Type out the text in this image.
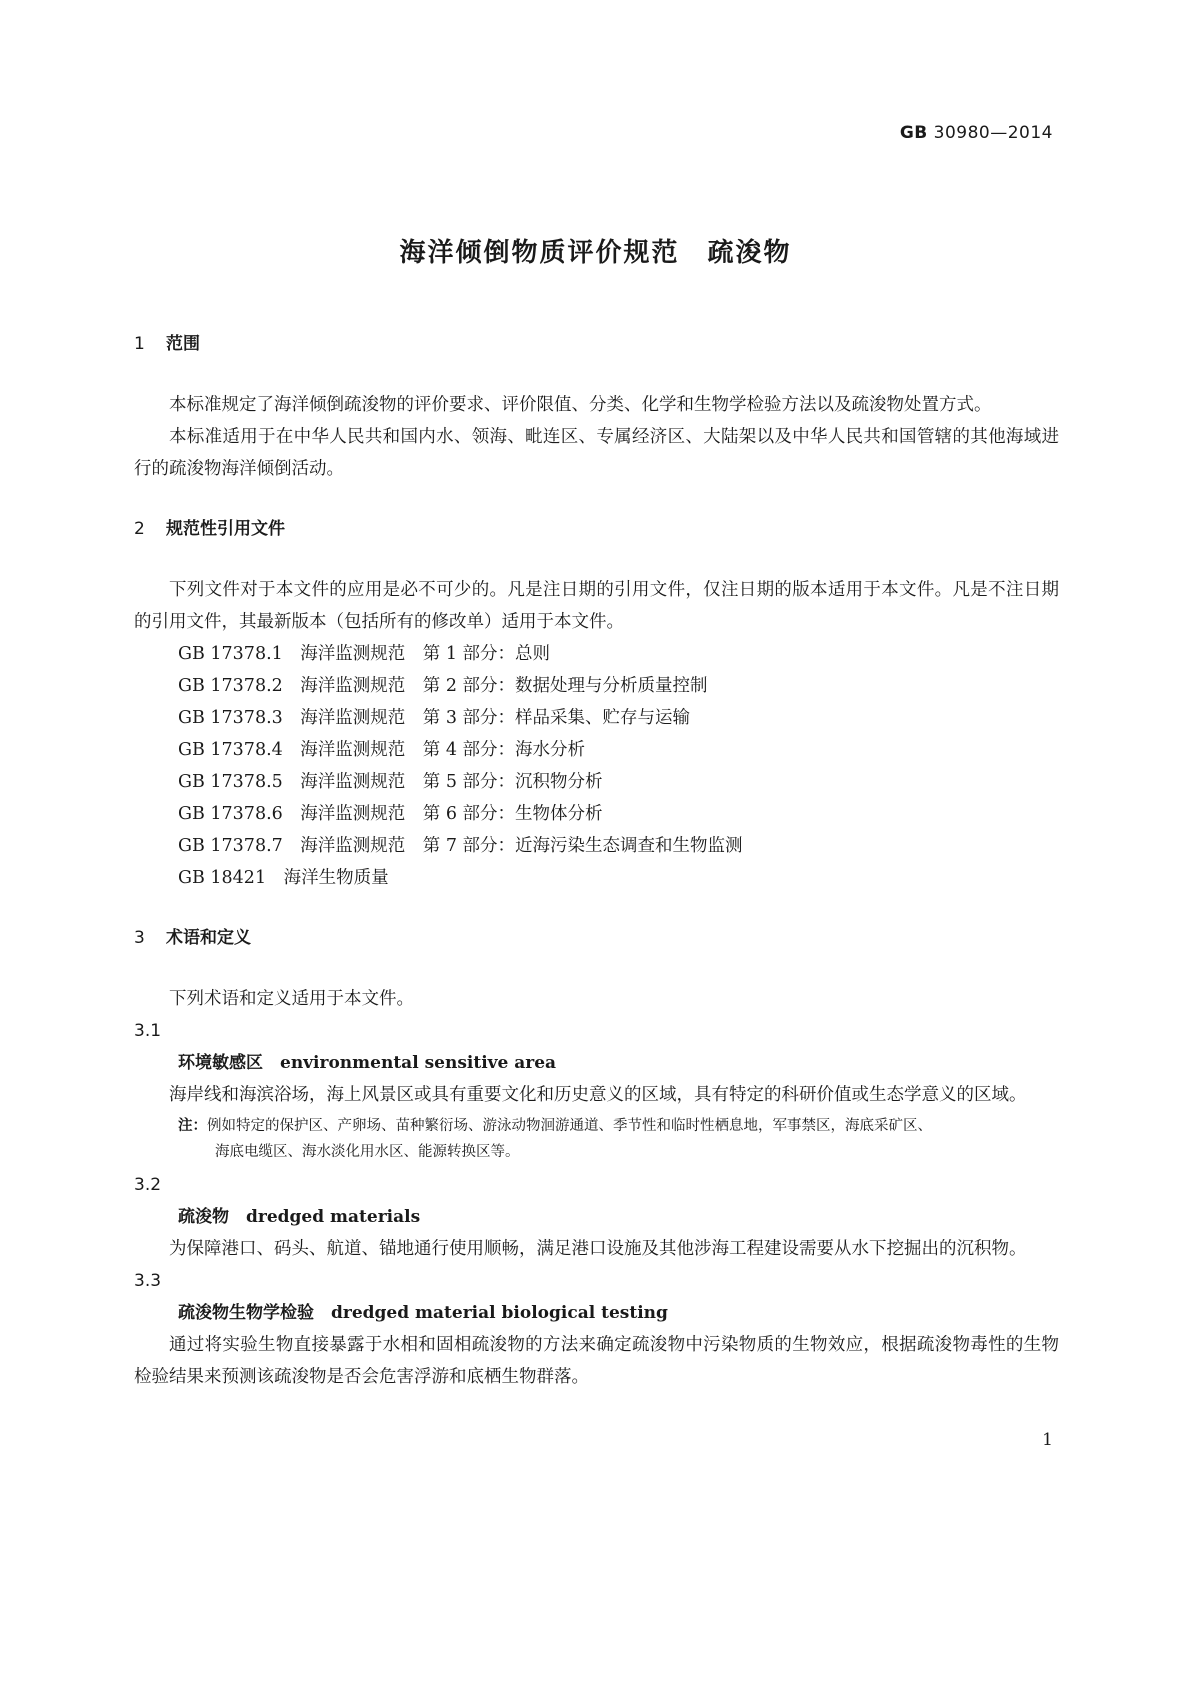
GB 30980—2014
海洋倾倒物质评价规范　疏浚物
1 范围

本标准规定了海洋倾倒疏浚物的评价要求、评价限值、分类、化学和生物学检验方法以及疏浚物处置方式。

本标准适用于在中华人民共和国内水、领海、毗连区、专属经济区、大陆架以及中华人民共和国管辖的其他海域进行的疏浚物海洋倾倒活动。

2 规范性引用文件

下列文件对于本文件的应用是必不可少的。凡是注日期的引用文件，仅注日期的版本适用于本文件。凡是不注日期的引用文件，其最新版本（包括所有的修改单）适用于本文件。

GB 17378.1　海洋监测规范　第 1 部分：总则
GB 17378.2　海洋监测规范　第 2 部分：数据处理与分析质量控制
GB 17378.3　海洋监测规范　第 3 部分：样品采集、贮存与运输
GB 17378.4　海洋监测规范　第 4 部分：海水分析
GB 17378.5　海洋监测规范　第 5 部分：沉积物分析
GB 17378.6　海洋监测规范　第 6 部分：生物体分析
GB 17378.7　海洋监测规范　第 7 部分：近海污染生态调查和生物监测
GB 18421　海洋生物质量
3 术语和定义

下列术语和定义适用于本文件。

3.1

环境敏感区　 environmental sensitive area

海岸线和海滨浴场，海上风景区或具有重要文化和历史意义的区域，具有特定的科研价值或生态学意义的区域。

注：例如特定的保护区、产卵场、苗种繁衍场、游泳动物洄游通道、季节性和临时性栖息地，军事禁区，海底采矿区、
海底电缆区、海水淡化用水区、能源转换区等。

3.2

疏浚物　 dredged materials

为保障港口、码头、航道、锚地通行使用顺畅，满足港口设施及其他涉海工程建设需要从水下挖掘出的沉积物。

3.3

疏浚物生物学检验　 dredged material biological testing

通过将实验生物直接暴露于水相和固相疏浚物的方法来确定疏浚物中污染物质的生物效应，根据疏浚物毒性的生物检验结果来预测该疏浚物是否会危害浮游和底栖生物群落。

1
